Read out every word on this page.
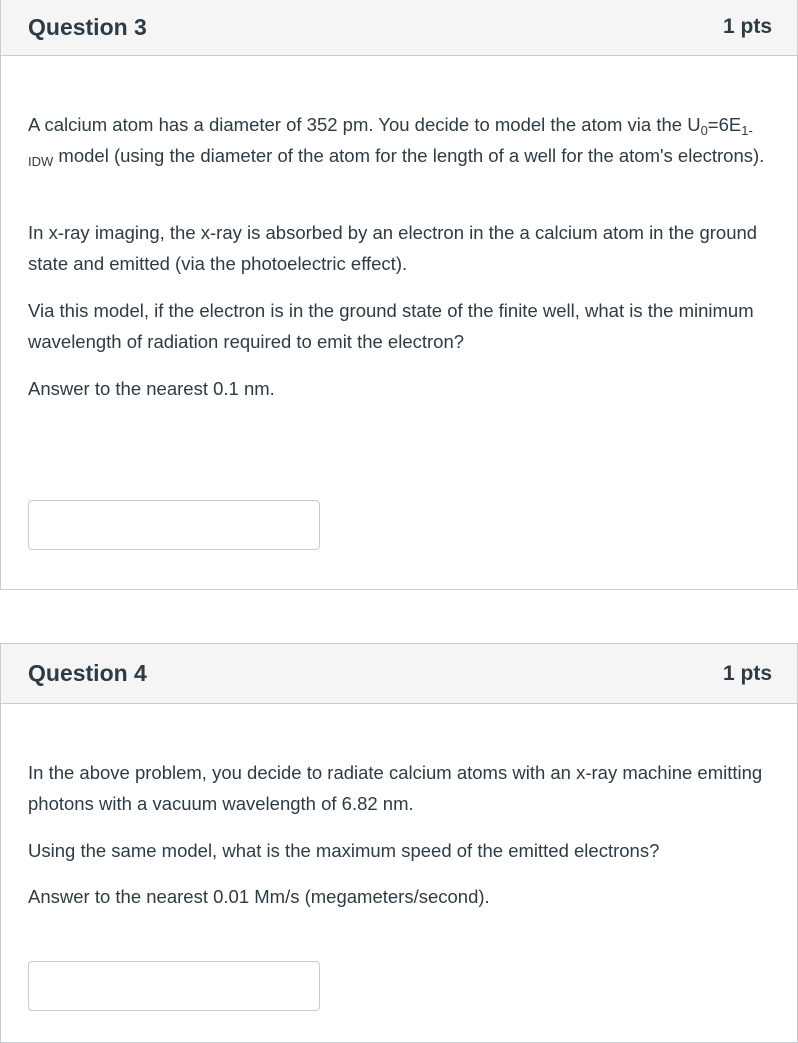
Question 3	1 pts

A calcium atom has a diameter of 352 pm. You decide to model the atom via the $U_0=6E_{1-IDW}$ model (using the diameter of the atom for the length of a well for the atom's electrons).

In x-ray imaging, the x-ray is absorbed by an electron in the a calcium atom in the ground state and emitted (via the photoelectric effect).

Via this model, if the electron is in the ground state of the finite well, what is the minimum wavelength of radiation required to emit the electron?

Answer to the nearest 0.1 nm.

Question 4	1 pts

In the above problem, you decide to radiate calcium atoms with an x-ray machine emitting photons with a vacuum wavelength of 6.82 nm.

Using the same model, what is the maximum speed of the emitted electrons?

Answer to the nearest 0.01 Mm/s (megameters/second).
